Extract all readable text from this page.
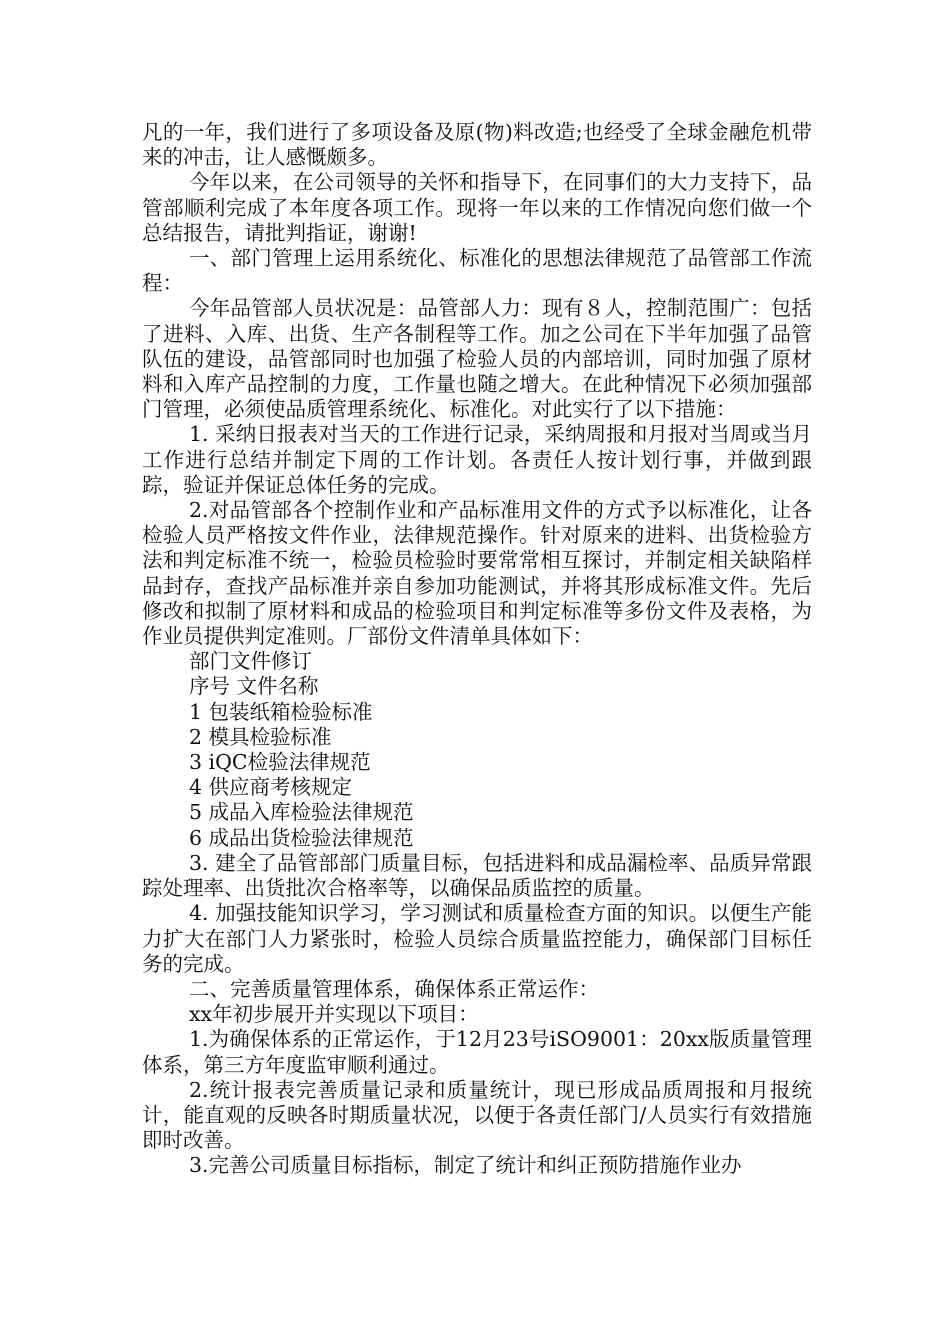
凡的一年，我们进行了多项设备及原(物)料改造;也经受了全球金融危机带来的冲击，让人感慨颇多。

今年以来，在公司领导的关怀和指导下，在同事们的大力支持下，品管部顺利完成了本年度各项工作。现将一年以来的工作情况向您们做一个总结报告，请批判指证，谢谢!

一、部门管理上运用系统化、标准化的思想法律规范了品管部工作流程：

今年品管部人员状况是：品管部人力：现有８人，控制范围广：包括了进料、入库、出货、生产各制程等工作。加之公司在下半年加强了品管队伍的建设，品管部同时也加强了检验人员的内部培训，同时加强了原材料和入库产品控制的力度，工作量也随之增大。在此种情况下必须加强部门管理，必须使品质管理系统化、标准化。对此实行了以下措施：

1. 采纳日报表对当天的工作进行记录，采纳周报和月报对当周或当月工作进行总结并制定下周的工作计划。各责任人按计划行事，并做到跟踪，验证并保证总体任务的完成。

2.对品管部各个控制作业和产品标准用文件的方式予以标准化，让各检验人员严格按文件作业，法律规范操作。针对原来的进料、出货检验方法和判定标准不统一，检验员检验时要常常相互探讨，并制定相关缺陷样品封存，查找产品标准并亲自参加功能测试，并将其形成标准文件。先后修改和拟制了原材料和成品的检验项目和判定标准等多份文件及表格，为作业员提供判定准则。厂部份文件清单具体如下：

部门文件修订

序号 文件名称

1 包装纸箱检验标准

2 模具检验标准

3 iQC检验法律规范

4 供应商考核规定

5 成品入库检验法律规范

6 成品出货检验法律规范

3. 建全了品管部部门质量目标，包括进料和成品漏检率、品质异常跟踪处理率、出货批次合格率等，以确保品质监控的质量。

4. 加强技能知识学习，学习测试和质量检查方面的知识。以便生产能力扩大在部门人力紧张时，检验人员综合质量监控能力，确保部门目标任务的完成。

二、完善质量管理体系，确保体系正常运作：

xx年初步展开并实现以下项目：

1.为确保体系的正常运作，于12月23号iSO9001：20xx版质量管理体系，第三方年度监审顺利通过。

2.统计报表完善质量记录和质量统计，现已形成品质周报和月报统计，能直观的反映各时期质量状况，以便于各责任部门/人员实行有效措施即时改善。

3.完善公司质量目标指标，制定了统计和纠正预防措施作业办
